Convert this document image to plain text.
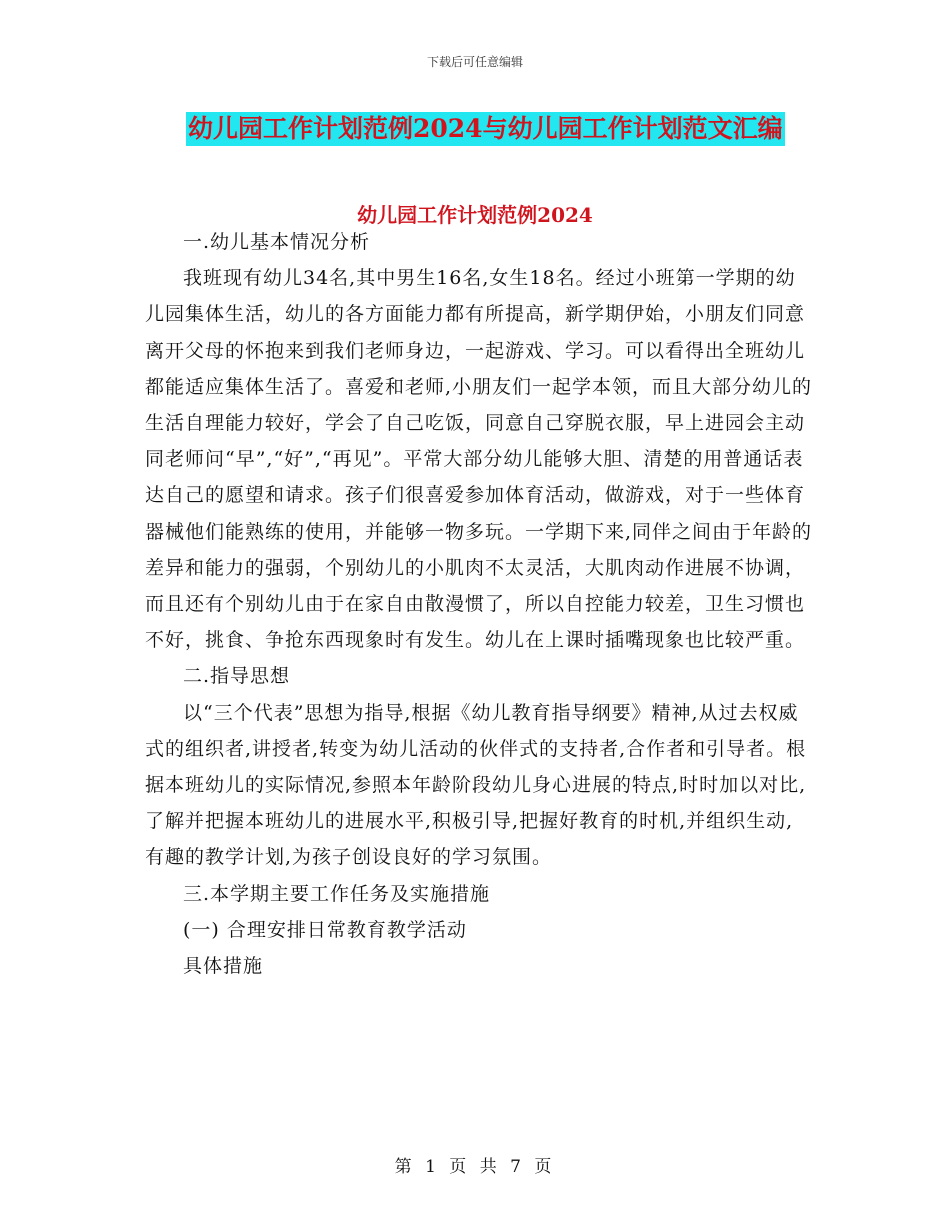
下载后可任意编辑
幼儿园工作计划范例2024与幼儿园工作计划范文汇编
幼儿园工作计划范例2024

一.幼儿基本情况分析

我班现有幼儿34名,其中男生16名,女生18名。经过小班第一学期的幼儿园集体生活，幼儿的各方面能力都有所提高，新学期伊始，小朋友们同意离开父母的怀抱来到我们老师身边，一起游戏、学习。可以看得出全班幼儿都能适应集体生活了。喜爱和老师,小朋友们一起学本领，而且大部分幼儿的生活自理能力较好，学会了自己吃饭，同意自己穿脱衣服，早上进园会主动同老师问“早”,“好”,“再见”。平常大部分幼儿能够大胆、清楚的用普通话表达自己的愿望和请求。孩子们很喜爱参加体育活动，做游戏，对于一些体育器械他们能熟练的使用，并能够一物多玩。一学期下来,同伴之间由于年龄的差异和能力的强弱，个别幼儿的小肌肉不太灵活，大肌肉动作进展不协调，而且还有个别幼儿由于在家自由散漫惯了，所以自控能力较差，卫生习惯也不好，挑食、争抢东西现象时有发生。幼儿在上课时插嘴现象也比较严重。

二.指导思想

以“三个代表”思想为指导,根据《幼儿教育指导纲要》精神,从过去权威式的组织者,讲授者,转变为幼儿活动的伙伴式的支持者,合作者和引导者。根据本班幼儿的实际情况,参照本年龄阶段幼儿身心进展的特点,时时加以对比,了解并把握本班幼儿的进展水平,积极引导,把握好教育的时机,并组织生动,有趣的教学计划,为孩子创设良好的学习氛围。

三.本学期主要工作任务及实施措施

(一) 合理安排日常教育教学活动

具体措施

第 1 页 共 7 页
